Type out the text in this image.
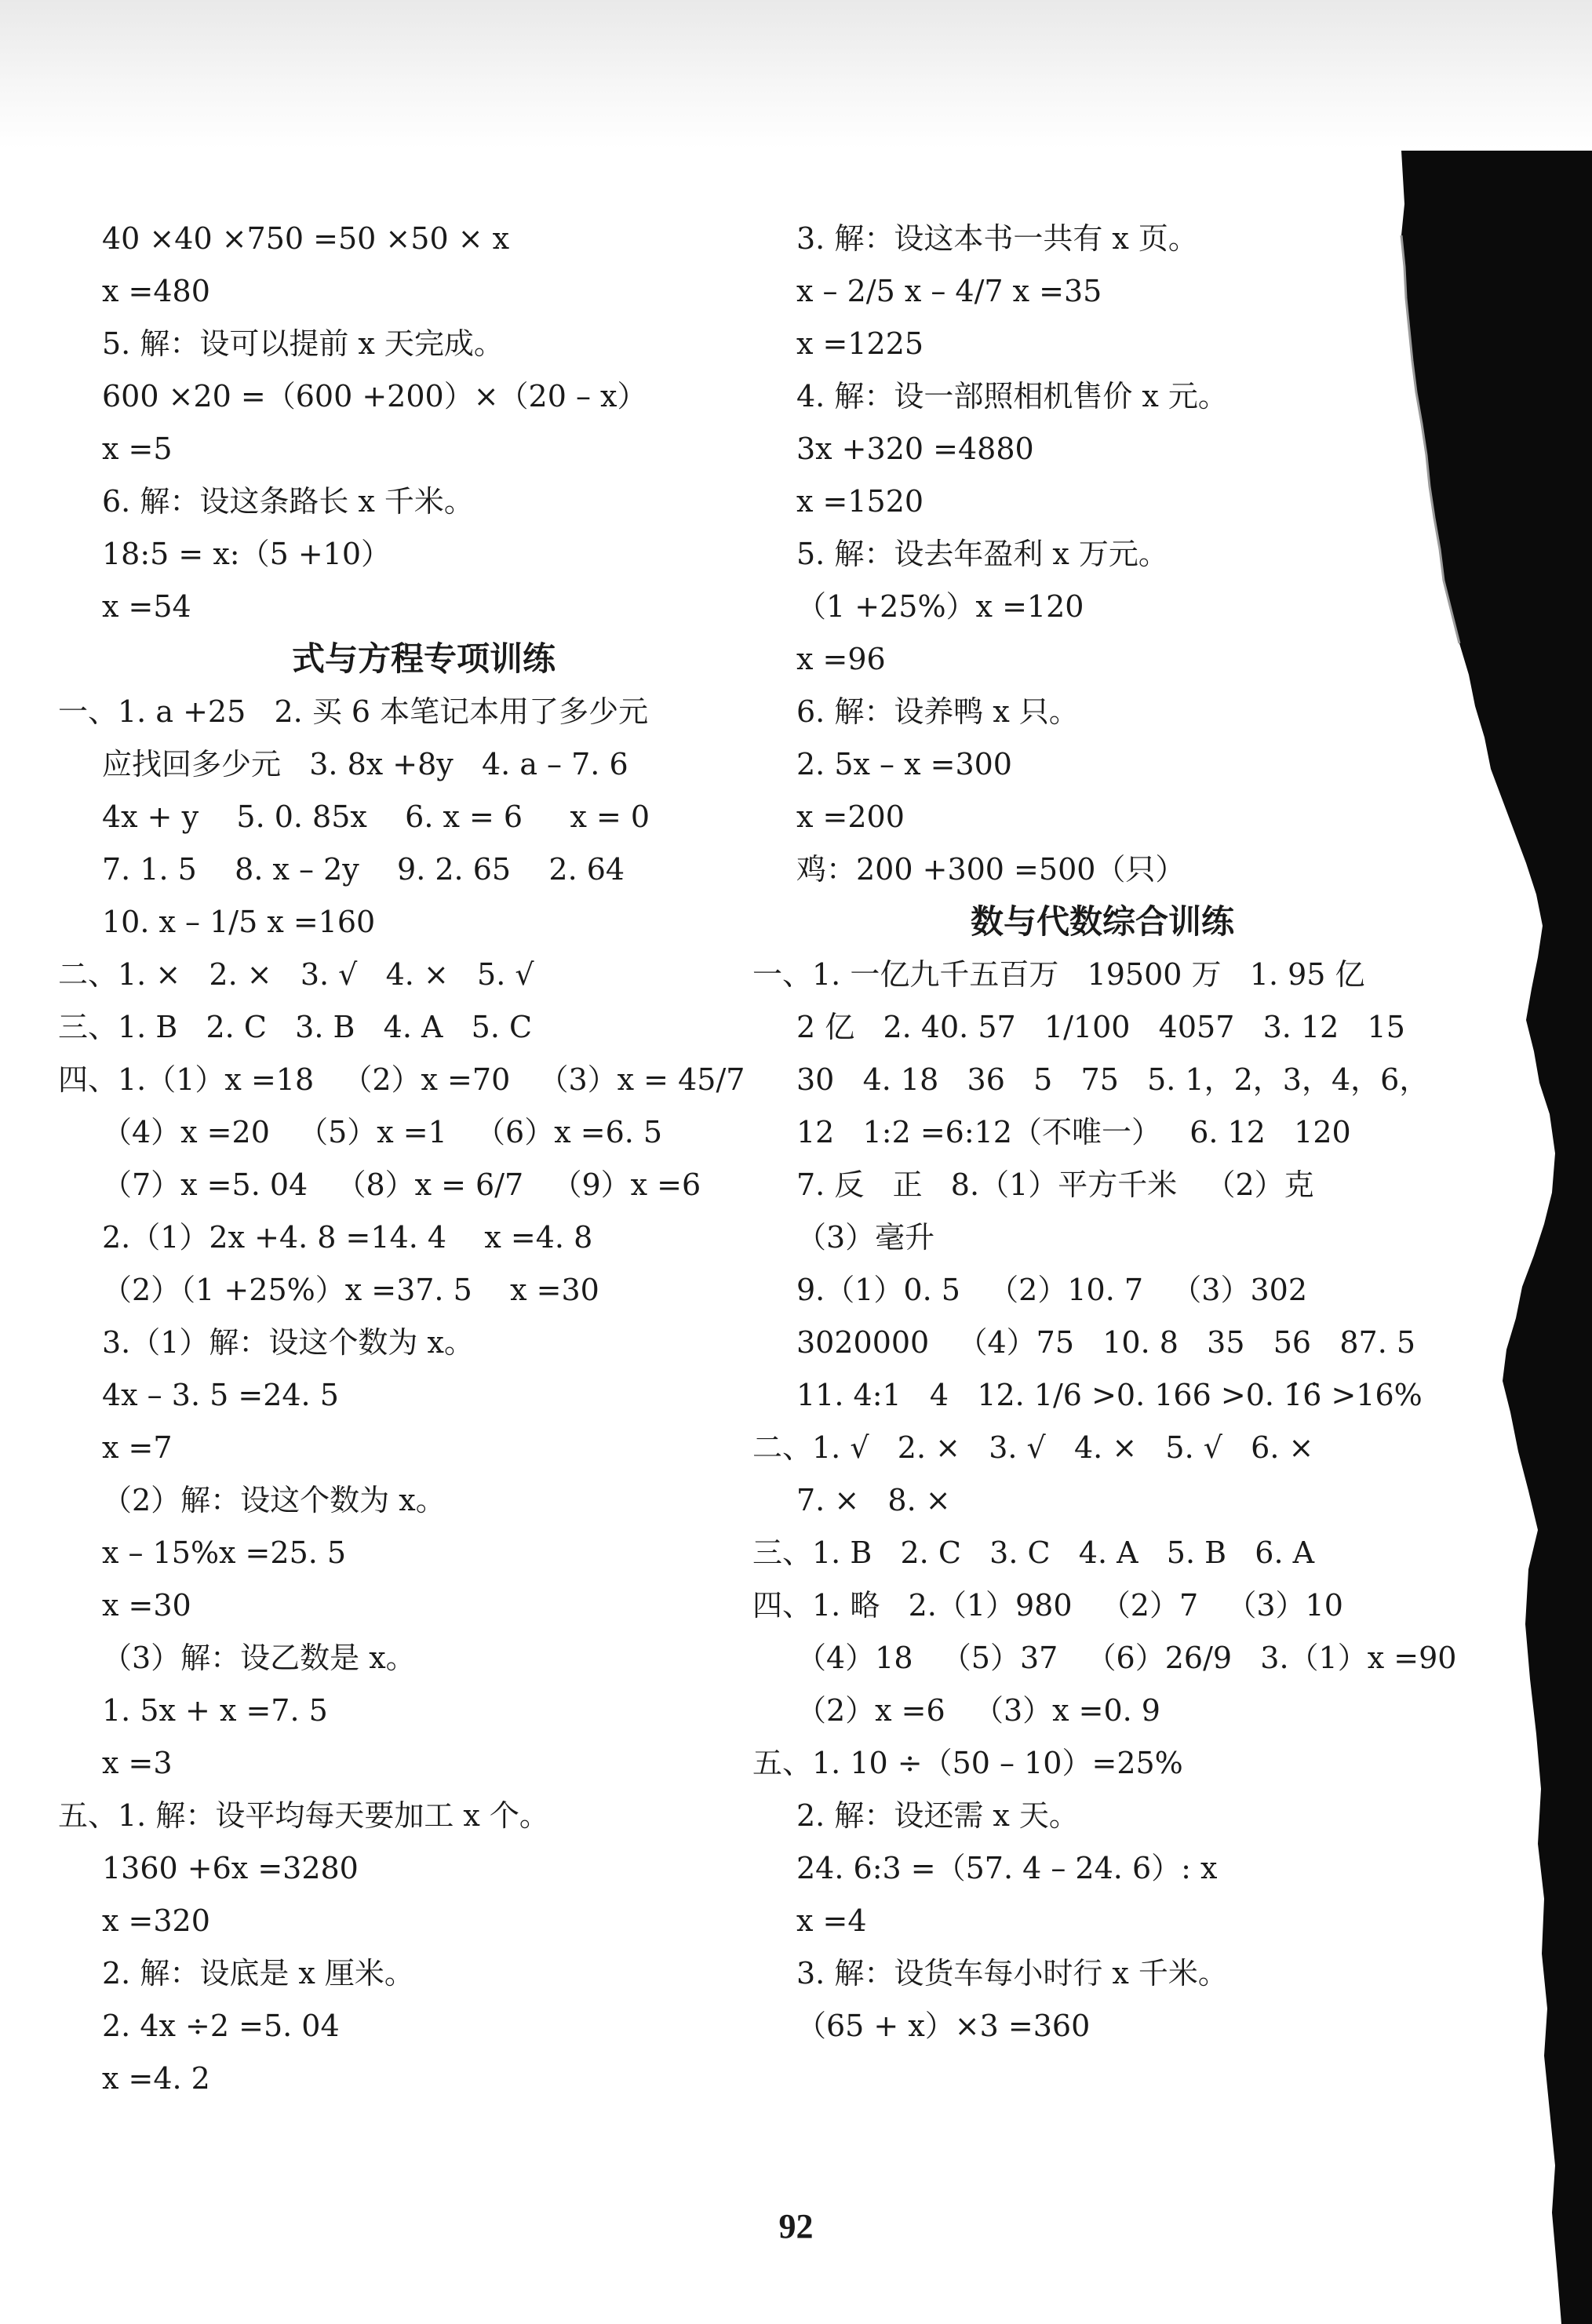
40 ×40 ×750 =50 ×50 × x
x =480
5. 解：设可以提前 x 天完成。
600 ×20 =（600 +200）×（20 – x）
x =5
6. 解：设这条路长 x 千米。
18:5 = x:（5 +10）
x =54
式与方程专项训练
一、1. a +25   2. 买 6 本笔记本用了多少元
应找回多少元   3. 8x +8y   4. a – 7. 6
4x + y    5. 0. 85x    6. x = 6     x = 0
7. 1. 5    8. x – 2y    9. 2. 65    2. 64
10. x – 1/5 x =160
二、1. ×   2. ×   3. √   4. ×   5. √
三、1. B   2. C   3. B   4. A   5. C
四、1.（1）x =18   （2）x =70   （3）x = 45/7
（4）x =20   （5）x =1   （6）x =6. 5
（7）x =5. 04   （8）x = 6/7   （9）x =6
2.（1）2x +4. 8 =14. 4    x =4. 8
（2）（1 +25%）x =37. 5    x =30
3.（1）解：设这个数为 x。
4x – 3. 5 =24. 5
x =7
（2）解：设这个数为 x。
x – 15%x =25. 5
x =30
（3）解：设乙数是 x。
1. 5x + x =7. 5
x =3
五、1. 解：设平均每天要加工 x 个。
1360 +6x =3280
x =320
2. 解：设底是 x 厘米。
2. 4x ÷2 =5. 04
x =4. 2
3. 解：设这本书一共有 x 页。
x – 2/5 x – 4/7 x =35
x =1225
4. 解：设一部照相机售价 x 元。
3x +320 =4880
x =1520
5. 解：设去年盈利 x 万元。
（1 +25%）x =120
x =96
6. 解：设养鸭 x 只。
2. 5x – x =300
x =200
鸡：200 +300 =500（只）
数与代数综合训练
一、1. 一亿九千五百万   19500 万   1. 95 亿
2 亿   2. 40. 57   1/100   4057   3. 12   15
30   4. 18   36   5   75   5. 1，2，3，4，6，
12   1:2 =6:12（不唯一）   6. 12   120
7. 反   正   8.（1）平方千米   （2）克
（3）毫升
9.（1）0. 5   （2）10. 7   （3）302
3020000   （4）75   10. 8   35   56   87. 5
11. 4:1   4   12. 1/6 >0. 166 >0. 1̇6̇ >16%
二、1. √   2. ×   3. √   4. ×   5. √   6. ×
7. ×   8. ×
三、1. B   2. C   3. C   4. A   5. B   6. A
四、1. 略   2.（1）980   （2）7   （3）10
（4）18   （5）37   （6）26/9   3.（1）x =90
（2）x =6   （3）x =0. 9
五、1. 10 ÷（50 – 10）=25%
2. 解：设还需 x 天。
24. 6:3 =（57. 4 – 24. 6）: x
x =4
3. 解：设货车每小时行 x 千米。
（65 + x）×3 =360
92
